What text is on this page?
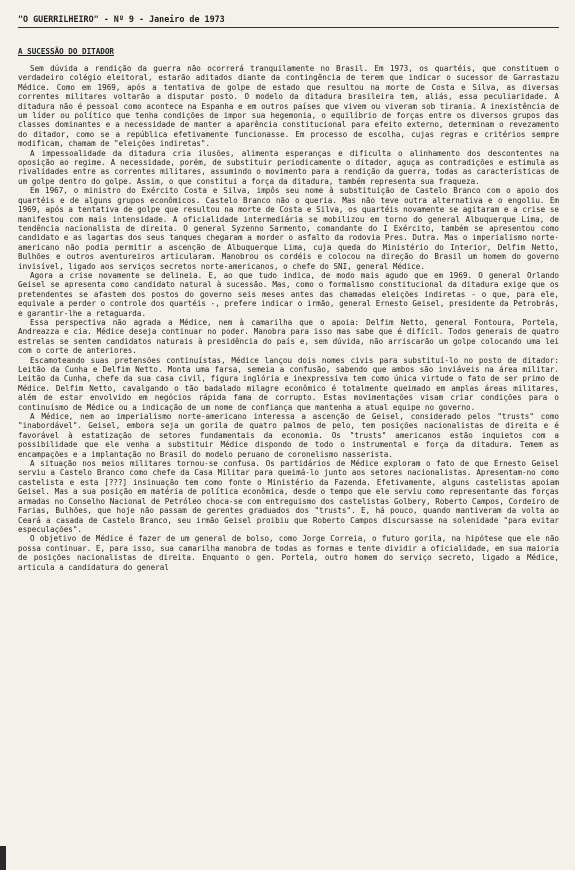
"O GUERRILHEIRO" - Nº 9 - Janeiro de 1973
A SUCESSÃO DO DITADOR

Sem dúvida a rendição da guerra não ocorrerá tranquilamente no Brasil. Em 1973, os quartéis, que constituem o verdadeiro colégio eleitoral, estarão aditados diante da contingência de terem que indicar o sucessor de Garrastazu Médice. Como em 1969, após a tentativa de golpe de estado que resultou na morte de Costa e Silva, as diversas correntes militares voltarão a disputar posto. O modelo da ditadura brasileira tem, aliás, essa peculiaridade. A ditadura não é pessoal como acontece na Espanha e em outros países que vivem ou viveram sob tirania. A inexistência de um líder ou político que tenha condições de impor sua hegemonia, o equilíbrio de forças entre os diversos grupos das classes dominantes e a necessidade de manter a aparência constitucional para efeito externo, determinam o revezamento do ditador, como se a república efetivamente funcionasse. Em processo de escolha, cujas regras e critérios sempre modificam, chamam de "eleições indiretas".

A impessoalidade da ditadura cria ilusões, alimenta esperanças e dificulta o alinhamento dos descontentes na oposição ao regime. A necessidade, porém, de substituir periodicamente o ditador, aguça as contradições e estimula as rivalidades entre as correntes militares, assumindo o movimento para a rendição da guerra, todas as características de um golpe dentro do golpe. Assim, o que constitui a força da ditadura, também representa sua fraqueza.

Em 1967, o ministro do Exército Costa e Silva, impôs seu nome à substituição de Castelo Branco com o apoio dos quartéis e de alguns grupos econômicos. Castelo Branco não o queria. Mas não teve outra alternativa e o engoliu. Em 1969, após a tentativa de golpe que resultou na morte de Costa e Silva, os quartéis novamente se agitaram e a crise se manifestou com mais intensidade. A oficialidade intermediária se mobilizou em torno do general Albuquerque Lima, de tendência nacionalista de direita. O general Syzenno Sarmento, comandante do I Exército, também se apresentou como candidato e as lagartas dos seus tanques chegaram a morder o asfalto da rodovia Pres. Dutra. Mas o imperialismo norte-americano não podia permitir a ascenção de Albuquerque Lima, cuja queda do Ministério do Interior, Delfim Netto, Bulhões e outros aventureiros articularam. Manobrou os cordéis e colocou na direção do Brasil um homem do governo invisível, ligado aos serviços secretos norte-americanos, o chefe do SNI, general Médice.

Agora a crise novamente se delineia. E, ao que tudo indica, de modo mais agudo que em 1969. O general Orlando Geisel se apresenta como candidato natural à sucessão. Mas, como o formalismo constitucional da ditadura exige que os pretendentes se afastem dos postos do governo seis meses antes das chamadas eleições indiretas - o que, para ele, equivale a perder o controle dos quartéis -, prefere indicar o irmão, general Ernesto Geisel, presidente da Petrobrás, e garantir-lhe a retaguarda.

Essa perspectiva não agrada a Médice, nem à camarilha que o apoia: Delfim Netto, general Fontoura, Portela, Andreazza e cia. Médice deseja continuar no poder. Manobra para isso mas sabe que é difícil. Todos generais de quatro estrelas se sentem candidatos naturais à presidência do país e, sem dúvida, não arriscarão um golpe colocando uma lei com o corte de anteriores.

Escamoteando suas pretensões continuístas, Médice lançou dois nomes civis para substituí-lo no posto de ditador: Leitão da Cunha e Delfim Netto. Monta uma farsa, semeia a confusão, sabendo que ambos são inviáveis na área militar. Leitão da Cunha, chefe da sua casa civil, figura inglória e inexpressiva tem como única virtude o fato de ser primo de Médice. Delfim Netto, cavalgando o tão badalado milagre econômico é totalmente queimado em amplas áreas militares, além de estar envolvido em negócios rápida fama de corrupto. Estas movimentações visam criar condições para o continuísmo de Médice ou a indicação de um nome de confiança que mantenha a atual equipe no governo.

A Médice, nem ao imperialismo norte-americano interessa a ascenção de Geisel, considerado pelos "trusts" como "inabordável". Geisel, embora seja um gorila de quatro palmos de pelo, tem posições nacionalistas de direita e é favorável à estatização de setores fundamentais da economia. Os "trusts" americanos estão inquietos com a possibilidade que ele venha a substituir Médice dispondo de todo o instrumental e força da ditadura. Temem as encampações e a implantação no Brasil do modelo peruano de coronelismo nasserista.

A situação nos meios militares tornou-se confusa. Os partidários de Médice exploram o fato de que Ernesto Geisel serviu a Castelo Branco como chefe da Casa Militar para queimá-lo junto aos setores nacionalistas. Apresentam-no como castelista e esta [???] insinuação tem como fonte o Ministério da Fazenda. Efetivamente, alguns castelistas apoiam Geisel. Mas a sua posição em matéria de política econômica, desde o tempo que ele serviu como representante das forças armadas no Conselho Nacional de Petróleo choca-se com entreguismo dos castelistas Golbery, Roberto Campos, Cordeiro de Farias, Bulhões, que hoje não passam de gerentes graduados dos "trusts". E, há pouco, quando mantiveram da volta ao Ceará a casada de Castelo Branco, seu irmão Geisel proibiu que Roberto Campos discursasse na solenidade "para evitar especulações".

O objetivo de Médice é fazer de um general de bolso, como Jorge Correia, o futuro gorila, na hipótese que ele não possa continuar. E, para isso, sua camarilha manobra de todas as formas e tente dividir a oficialidade, em sua maioria de posições nacionalistas de direita. Enquanto o gen. Portela, outro homem do serviço secreto, ligado a Médice, articula a candidatura do general
